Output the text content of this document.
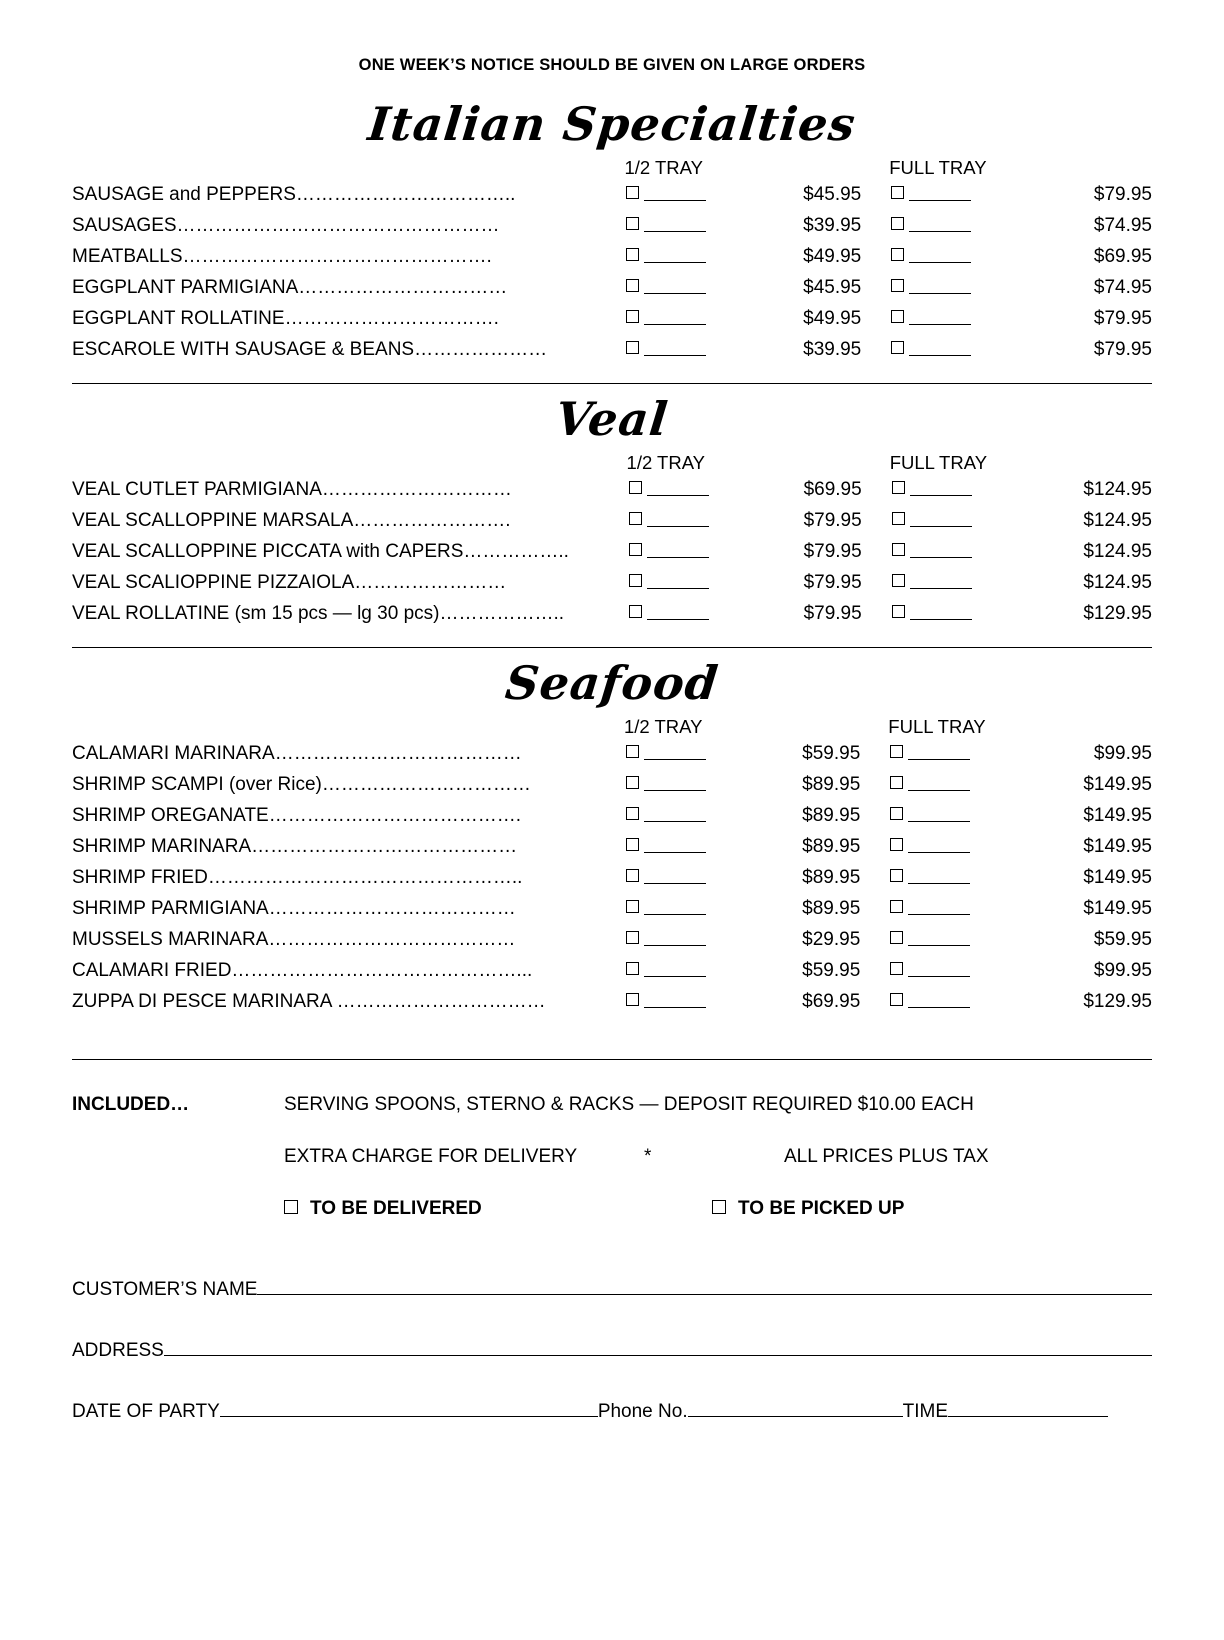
ONE WEEK’S NOTICE SHOULD BE GIVEN ON LARGE ORDERS
Italian Specialties
	1/2 TRAY		FULL TRAY	
SAUSAGE and PEPPERS……………………………..		$45.95		$79.95
SAUSAGES……………………………………………		$39.95		$74.95
MEATBALLS………………………………………….		$49.95		$69.95
EGGPLANT PARMIGIANA……………………………		$45.95		$74.95
EGGPLANT ROLLATINE…………………………….		$49.95		$79.95
ESCAROLE WITH SAUSAGE & BEANS…………………		$39.95		$79.95
Veal
	1/2 TRAY		FULL TRAY	
VEAL CUTLET PARMIGIANA…………………………		$69.95		$124.95
VEAL SCALLOPPINE MARSALA…………………….		$79.95		$124.95
VEAL SCALLOPPINE PICCATA with CAPERS……………..		$79.95		$124.95
VEAL SCALIOPPINE PIZZAIOLA……………………		$79.95		$124.95
VEAL ROLLATINE (sm 15 pcs — lg 30 pcs)………………..		$79.95		$129.95
Seafood
	1/2 TRAY		FULL TRAY	
CALAMARI MARINARA…………………………………		$59.95		$99.95
SHRIMP SCAMPI (over Rice)……………………………		$89.95		$149.95
SHRIMP OREGANATE………………………………….		$89.95		$149.95
SHRIMP MARINARA……………………………………		$89.95		$149.95
SHRIMP FRIED…………………………………………..		$89.95		$149.95
SHRIMP PARMIGIANA…………………………………		$89.95		$149.95
MUSSELS MARINARA…………………………………		$29.95		$59.95
CALAMARI FRIED………………………………………...		$59.95		$99.95
ZUPPA DI PESCE MARINARA ……………………………		$69.95		$129.95
INCLUDED…	SERVING SPOONS, STERNO & RACKS — DEPOSIT REQUIRED $10.00 EACH
EXTRA CHARGE FOR DELIVERY	*	ALL PRICES PLUS TAX
TO BE DELIVERED	TO BE PICKED UP
CUSTOMER’S NAME
ADDRESS
DATE OF PARTY	Phone No.	TIME
